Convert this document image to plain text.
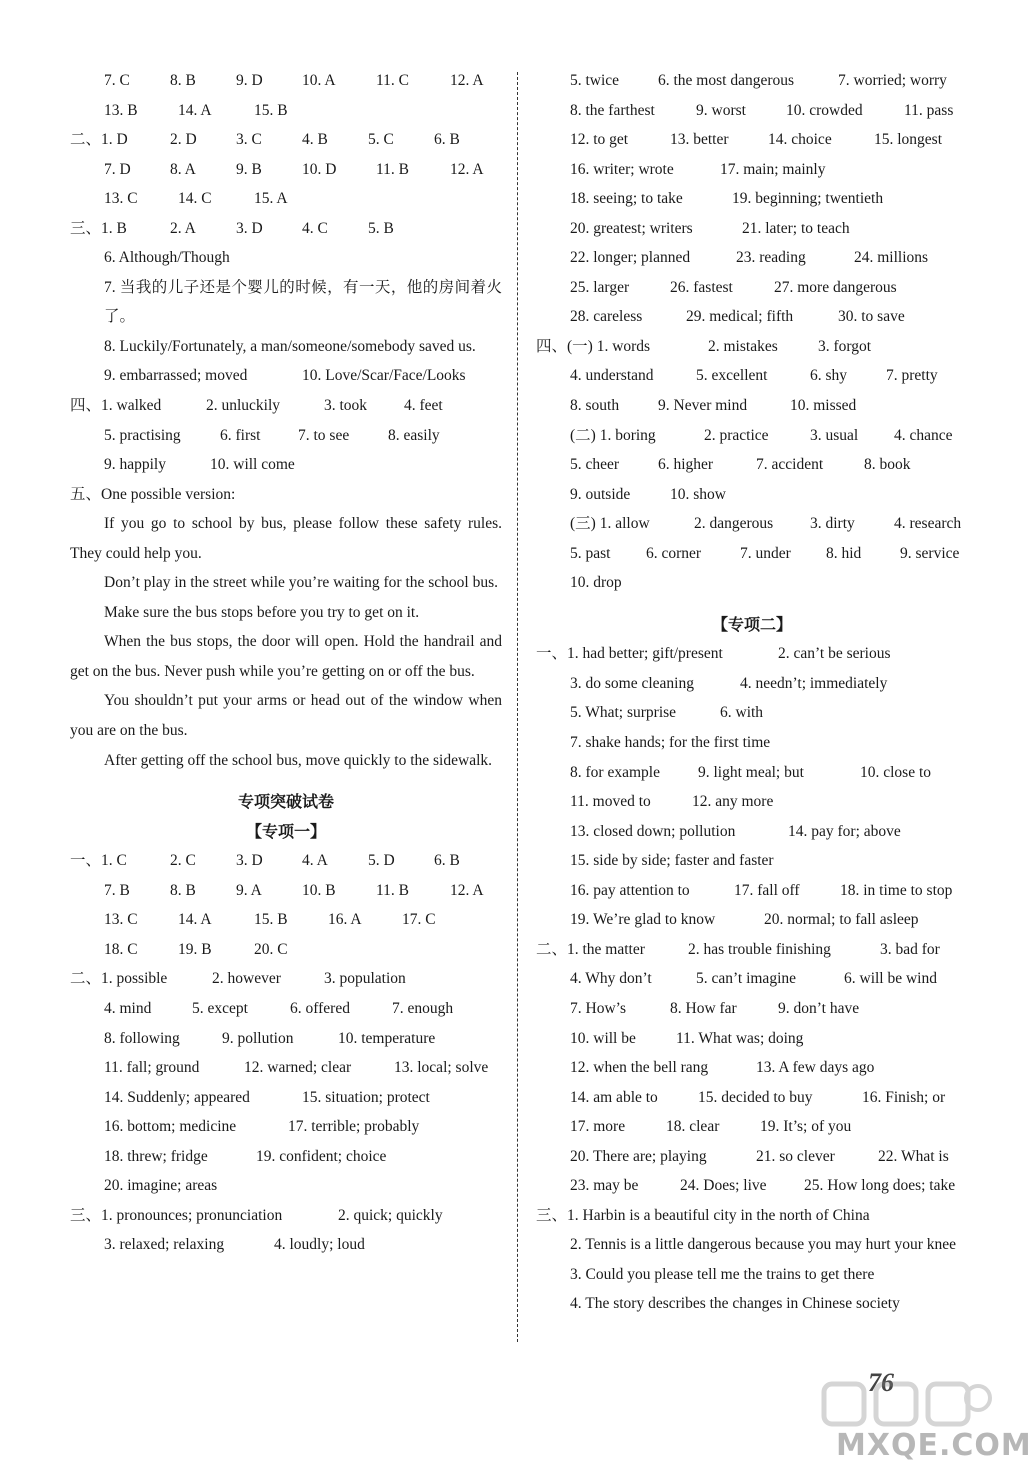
7. C	8. B	9. D	10. A	11. C	12. A
13. B	14. A	15. B
二、1. D	2. D	3. C	4. B	5. C	6. B
7. D	8. A	9. B	10. D	11. B	12. A
13. C	14. C	15. A
三、1. B	2. A	3. D	4. C	5. B
6. Although/Though
7. 当我的儿子还是个婴儿的时候，有一天，他的房间着火了。
8. Luckily/Fortunately, a man/someone/somebody saved us.
9. embarrassed; moved	10. Love/Scar/Face/Looks
四、1. walked	2. unluckily	3. took 4. feet
5. practising	6. first 7. to see	8. easily
9. happily	10. will come
五、One possible version:
If you go to school by bus, please follow these safety rules. They could help you.
Don’t play in the street while you’re waiting for the school bus.
Make sure the bus stops before you try to get on it.
When the bus stops, the door will open. Hold the handrail and get on the bus. Never push while you’re getting on or off the bus.
You shouldn’t put your arms or head out of the window when you are on the bus.
After getting off the school bus, move quickly to the sidewalk.
专项突破试卷
【专项一】
一、1. C	2. C	3. D	4. A	5. D	6. B
7. B	8. B	9. A	10. B	11. B	12. A
13. C	14. A	15. B	16. A	17. C
18. C	19. B	20. C
二、1. possible	2. however	3. population
4. mind	5. except	6. offered	7. enough
8. following	9. pollution	10. temperature
11. fall; ground	12. warned; clear	13. local; solve
14. Suddenly; appeared	15. situation; protect
16. bottom; medicine	17. terrible; probably
18. threw; fridge	19. confident; choice
20. imagine; areas
三、1. pronounces; pronunciation	2. quick; quickly
3. relaxed; relaxing	4. loudly; loud
5. twice	6. the most dangerous	7. worried; worry
8. the farthest	9. worst	10. crowded	11. pass
12. to get	13. better	14. choice	15. longest
16. writer; wrote	17. main; mainly
18. seeing; to take	19. beginning; twentieth
20. greatest; writers	21. later; to teach
22. longer; planned	23. reading	24. millions
25. larger	26. fastest	27. more dangerous
28. careless	29. medical; fifth	30. to save
四、(一) 1. words	2. mistakes	3. forgot
4. understand	5. excellent	6. shy	7. pretty
8. south	9. Never mind	10. missed
(二) 1. boring	2. practice	3. usual 4. chance
5. cheer	6. higher	7. accident	8. book
9. outside	10. show
(三) 1. allow	2. dangerous 3. dirty	4. research
5. past 6. corner	7. under 8. hid 9. service
10. drop
【专项二】
一、1. had better; gift/present	2. can’t be serious
3. do some cleaning	4. needn’t; immediately
5. What; surprise	6. with
7. shake hands; for the first time
8. for example 9. light meal; but	10. close to
11. moved to	12. any more
13. closed down; pollution	14. pay for; above
15. side by side; faster and faster
16. pay attention to	17. fall off	18. in time to stop
19. We’re glad to know	20. normal; to fall asleep
二、1. the matter	2. has trouble finishing	3. bad for
4. Why don’t	5. can’t imagine	6. will be wind
7. How’s	8. How far	9. don’t have
10. will be	11. What was; doing
12. when the bell rang	13. A few days ago
14. am able to	15. decided to buy	16. Finish; or
17. more	18. clear	19. It’s; of you
20. There are; playing	21. so clever	22. What is
23. may be	24. Does; live 25. How long does; take
三、1. Harbin is a beautiful city in the north of China
2. Tennis is a little dangerous because you may hurt your knee
3. Could you please tell me the trains to get there
4. The story describes the changes in Chinese society
76
MXQE.COM
